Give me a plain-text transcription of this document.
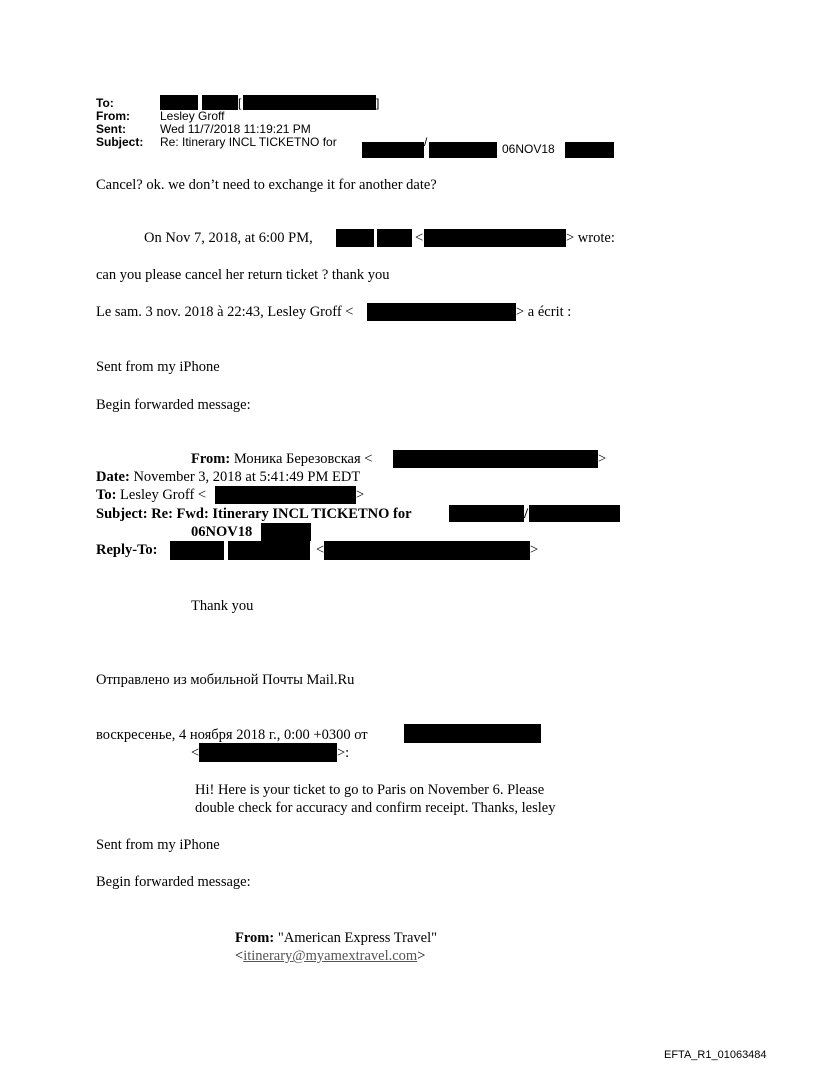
To:	[	]
From:	Lesley Groff
Sent:	Wed 11/7/2018 11:19:21 PM
Subject: Re: Itinerary INCL TICKETNO for	/	06NOV18
Cancel? ok. we don’t need to exchange it for another date?
On Nov 7, 2018, at 6:00 PM,	<	> wrote:
can you please cancel her return ticket ? thank you
Le sam. 3 nov. 2018 à 22:43, Lesley Groff <	> a écrit :
Sent from my iPhone
Begin forwarded message:
From: Моника Березовская <	>
Date: November 3, 2018 at 5:41:49 PM EDT
To: Lesley Groff <	>
Subject: Re: Fwd: Itinerary INCL TICKETNO for	/
06NOV18
Reply-To:	<	>
Thank you
Отправлено из мобильной Почты Mail.Ru
воскресенье, 4 ноября 2018 г., 0:00 +0300 от
<	>:
Hi! Here is your ticket to go to Paris on November 6. Please
double check for accuracy and confirm receipt. Thanks, lesley
Sent from my iPhone
Begin forwarded message:
From: "American Express Travel"
<itinerary@myamextravel.com>
EFTA_R1_01063484
